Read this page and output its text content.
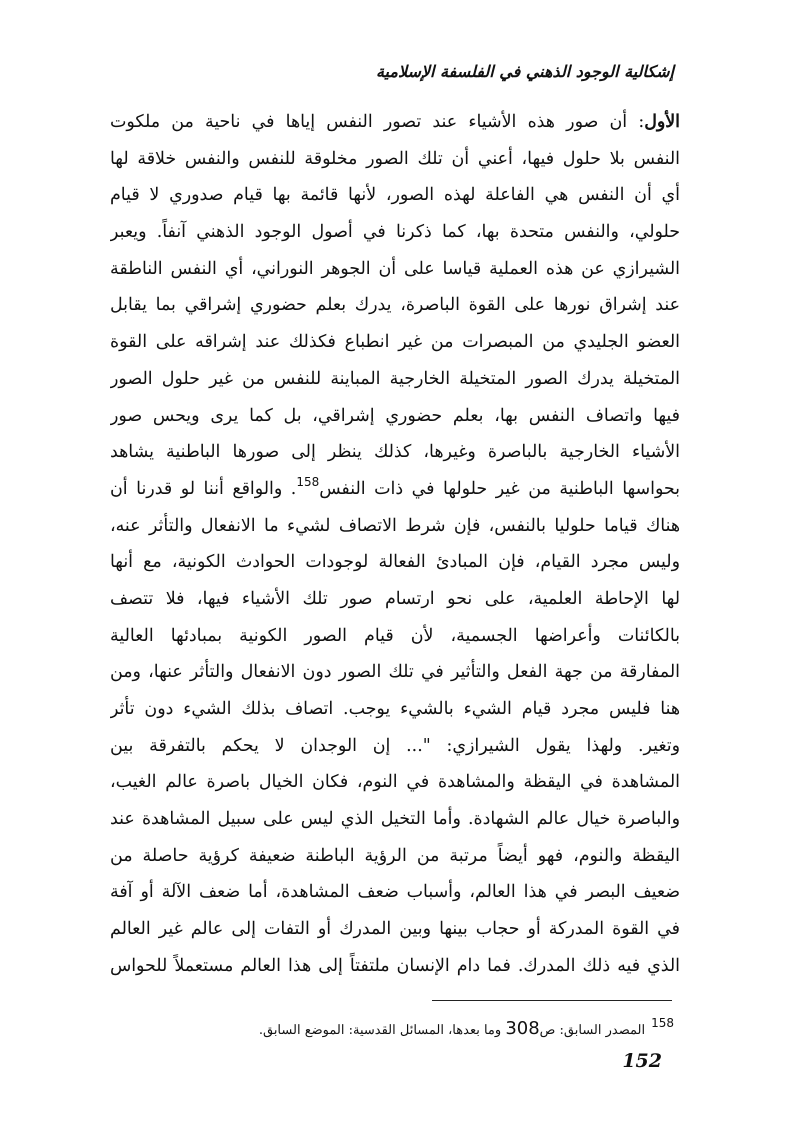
إشكالية الوجود الذهني في الفلسفة الإسلامية
الأول: أن صور هذه الأشياء عند تصور النفس إياها في ناحية من ملكوت
النفس بلا حلول فيها، أعني أن تلك الصور مخلوقة للنفس والنفس خلاقة لها
أي أن النفس هي الفاعلة لهذه الصور، لأنها قائمة بها قيام صدوري لا قيام
حلولي، والنفس متحدة بها، كما ذكرنا في أصول الوجود الذهني آنفاً. ويعبر
الشيرازي عن هذه العملية قياسا على أن الجوهر النوراني، أي النفس الناطقة
عند إشراق نورها على القوة الباصرة، يدرك بعلم حضوري إشراقي بما يقابل
العضو الجليدي من المبصرات من غير انطباع فكذلك عند إشراقه على القوة
المتخيلة يدرك الصور المتخيلة الخارجية المباينة للنفس من غير حلول الصور
فيها واتصاف النفس بها، بعلم حضوري إشراقي، بل كما يرى ويحس صور
الأشياء الخارجية بالباصرة وغيرها، كذلك ينظر إلى صورها الباطنية يشاهد
بحواسها الباطنية من غير حلولها في ذات النفس$^{158}$. والواقع أننا لو قدرنا أن
هناك قياما حلوليا بالنفس، فإن شرط الاتصاف لشيء ما الانفعال والتأثر عنه،
وليس مجرد القيام، فإن المبادئ الفعالة لوجودات الحوادث الكونية، مع أنها
لها الإحاطة العلمية، على نحو ارتسام صور تلك الأشياء فيها، فلا تتصف
بالكائنات وأعراضها الجسمية، لأن قيام الصور الكونية بمبادئها العالية
المفارقة من جهة الفعل والتأثير في تلك الصور دون الانفعال والتأثر عنها، ومن
هنا فليس مجرد قيام الشيء بالشيء يوجب. اتصاف بذلك الشيء دون تأثر
وتغير. ولهذا يقول الشيرازي: "... إن الوجدان لا يحكم بالتفرقة بين
المشاهدة في اليقظة والمشاهدة في النوم، فكان الخيال باصرة عالم الغيب،
والباصرة خيال عالم الشهادة. وأما التخيل الذي ليس على سبيل المشاهدة عند
اليقظة والنوم، فهو أيضاً مرتبة من الرؤية الباطنة ضعيفة كرؤية حاصلة من
ضعيف البصر في هذا العالم، وأسباب ضعف المشاهدة، أما ضعف الآلة أو آفة
في القوة المدركة أو حجاب بينها وبين المدرك أو التفات إلى عالم غير العالم
الذي فيه ذلك المدرك. فما دام الإنسان ملتفتاً إلى هذا العالم مستعملاً للحواس
158المصدر السابق: ص308 وما بعدها، المسائل القدسية: الموضع السابق.
152
